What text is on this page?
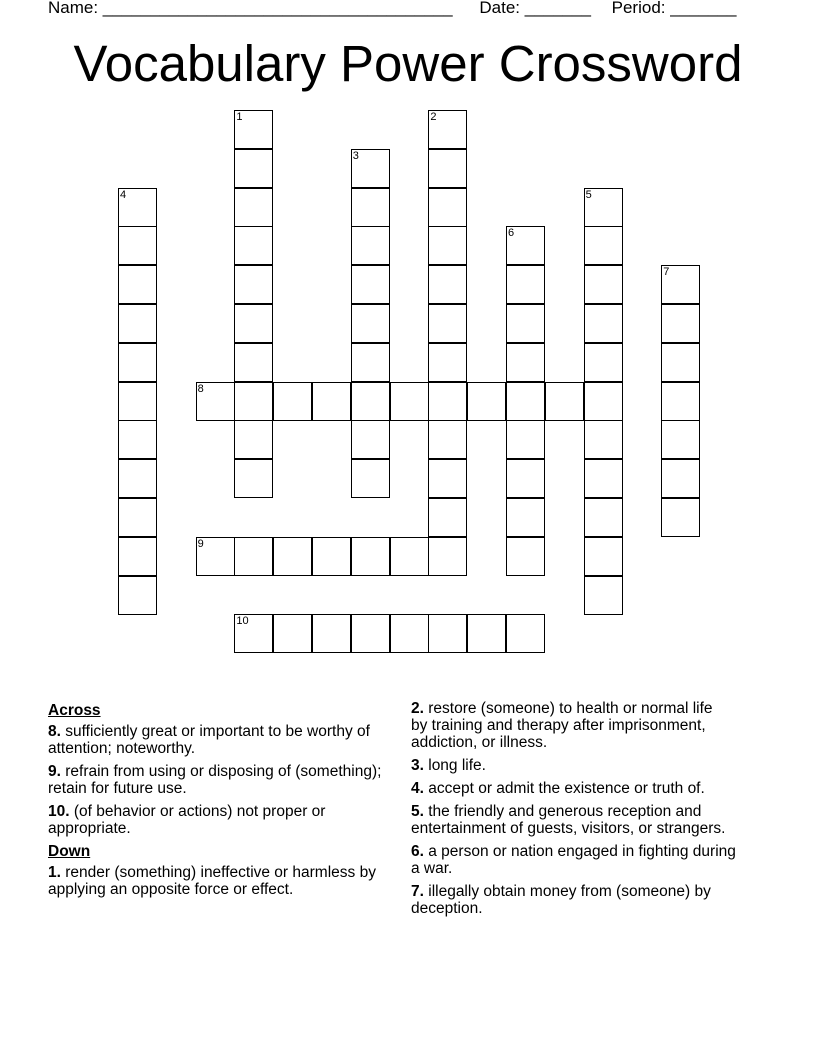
Name: _____________________________________ Date: _______ Period: _______
Vocabulary Power Crossword
1	2
3
4	5
6
7
8
9
10
Across
8. sufficiently great or important to be worthy of attention; noteworthy.
9. refrain from using or disposing of (something); retain for future use.
10. (of behavior or actions) not proper or appropriate.
Down
1. render (something) ineffective or harmless by applying an opposite force or effect.
2. restore (someone) to health or normal life by training and therapy after imprisonment, addiction, or illness.
3. long life.
4. accept or admit the existence or truth of.
5. the friendly and generous reception and entertainment of guests, visitors, or strangers.
6. a person or nation engaged in fighting during a war.
7. illegally obtain money from (someone) by deception.
